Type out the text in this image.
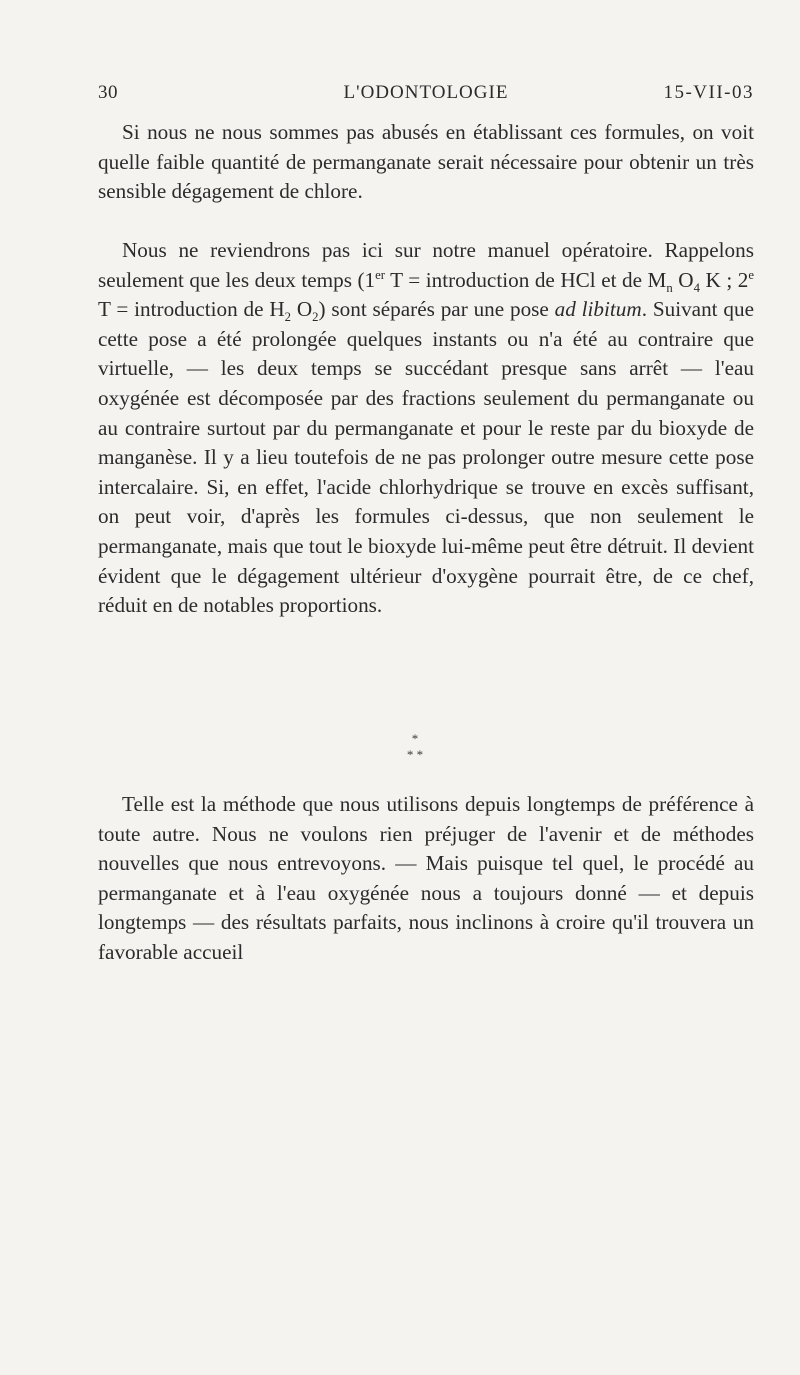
30	L'ODONTOLOGIE	15-VII-03

Si nous ne nous sommes pas abusés en établissant ces formules, on voit quelle faible quantité de permanganate serait nécessaire pour obtenir un très sensible dégagement de chlore.

Nous ne reviendrons pas ici sur notre manuel opératoire. Rappelons seulement que les deux temps (1er T = introduction de HCl et de $M_n$ $O_4$ K ; 2e T = introduction de $H_2$ $O_2$) sont séparés par une pose ad libitum. Suivant que cette pose a été prolongée quelques instants ou n'a été au contraire que virtuelle, — les deux temps se succédant presque sans arrêt — l'eau oxygénée est décomposée par des fractions seulement du permanganate ou au contraire surtout par du permanganate et pour le reste par du bioxyde de manganèse. Il y a lieu toutefois de ne pas prolonger outre mesure cette pose intercalaire. Si, en effet, l'acide chlorhydrique se trouve en excès suffisant, on peut voir, d'après les formules ci-dessus, que non seulement le permanganate, mais que tout le bioxyde lui-même peut être détruit. Il devient évident que le dégagement ultérieur d'oxygène pourrait être, de ce chef, réduit en de notables proportions.

*
* *

Telle est la méthode que nous utilisons depuis longtemps de préférence à toute autre. Nous ne voulons rien préjuger de l'avenir et de méthodes nouvelles que nous entrevoyons. — Mais puisque tel quel, le procédé au permanganate et à l'eau oxygénée nous a toujours donné — et depuis longtemps — des résultats parfaits, nous inclinons à croire qu'il trouvera un favorable accueil
